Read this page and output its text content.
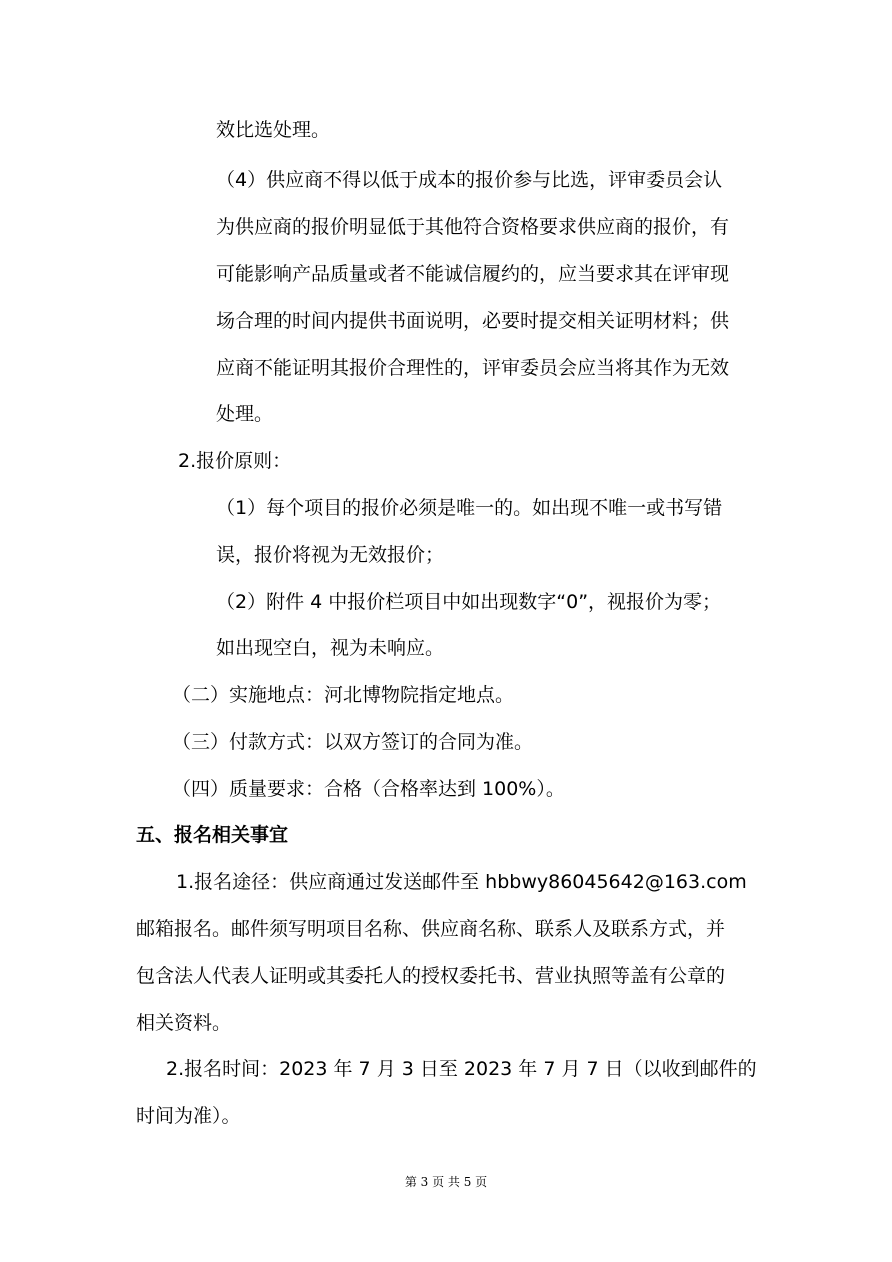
效比选处理。
（4）供应商不得以低于成本的报价参与比选，评审委员会认
为供应商的报价明显低于其他符合资格要求供应商的报价，有
可能影响产品质量或者不能诚信履约的，应当要求其在评审现
场合理的时间内提供书面说明，必要时提交相关证明材料；供
应商不能证明其报价合理性的，评审委员会应当将其作为无效
处理。
2.报价原则：
（1）每个项目的报价必须是唯一的。如出现不唯一或书写错
误，报价将视为无效报价；
（2）附件 4 中报价栏项目中如出现数字“0”，视报价为零；
如出现空白，视为未响应。
（二）实施地点：河北博物院指定地点。
（三）付款方式：以双方签订的合同为准。
（四）质量要求：合格（合格率达到 100%）。
五、报名相关事宜
1.报名途径：供应商通过发送邮件至 hbbwy86045642@163.com
邮箱报名。邮件须写明项目名称、供应商名称、联系人及联系方式，并
包含法人代表人证明或其委托人的授权委托书、营业执照等盖有公章的
相关资料。
2.报名时间：2023 年 7 月 3 日至 2023 年 7 月 7 日（以收到邮件的
时间为准）。
第 3 页 共 5 页
